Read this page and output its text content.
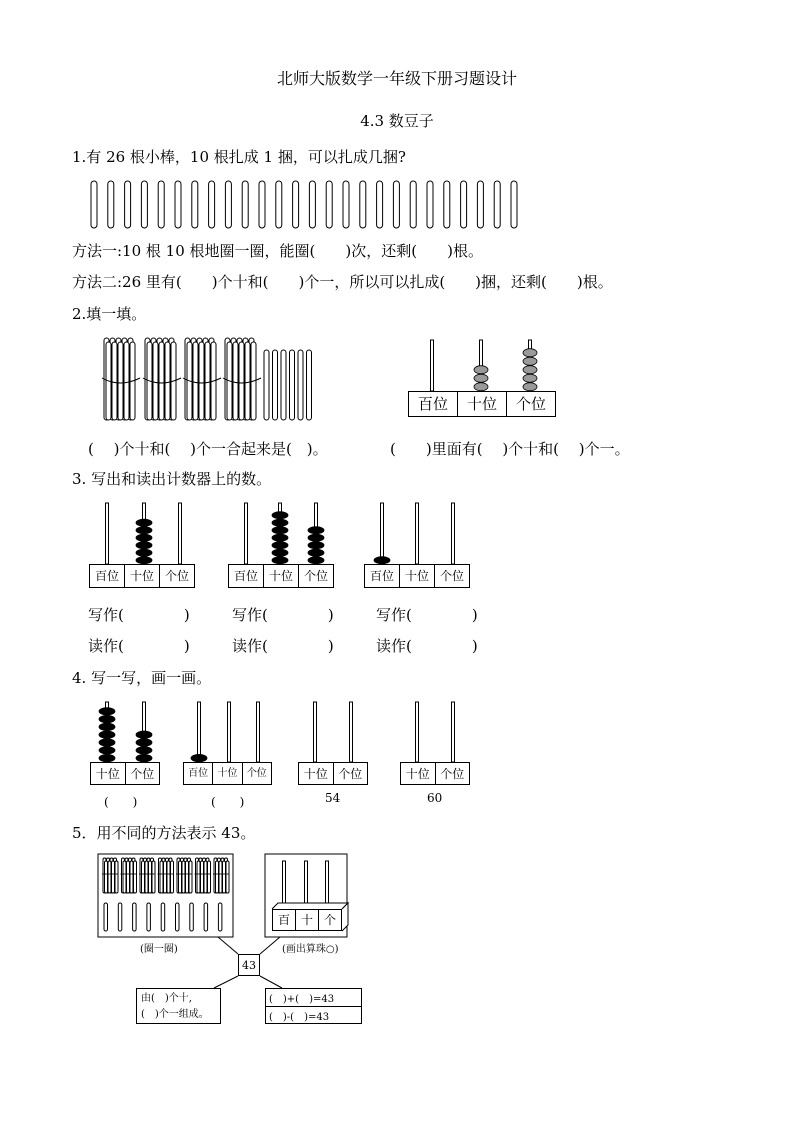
北师大版数学一年级下册习题设计
4.3 数豆子
1.有 26 根小棒，10 根扎成 1 捆，可以扎成几捆?
方法一:10 根 10 根地圈一圈，能圈(　　)次，还剩(　　)根。
方法二:26 里有(　　)个十和(　　)个一，所以可以扎成(　　)捆，还剩(　　)根。
2.填一填。
百位	十位	个位
(　 )个十和(　 )个一合起来是(　)。	(　　)里面有(　 )个十和(　 )个一。
3. 写出和读出计数器上的数。
百位 十位 个位	百位 十位 个位	百位 十位 个位
写作(　　　　)	写作(　　　　)	写作(　　　　)
读作(　　　　)	读作(　　　　)	读作(　　　　)
4. 写一写，画一画。
十位 个位	百位 十位 个位	十位 个位	十位 个位
(　　)	(　　)	54	60
5．用不同的方法表示 43。
百 十 个
(圈一圈)	(画出算珠○)
43
由(　)个十,
(　)个一组成。
(　)+(　)=43
(　)-(　)=43
